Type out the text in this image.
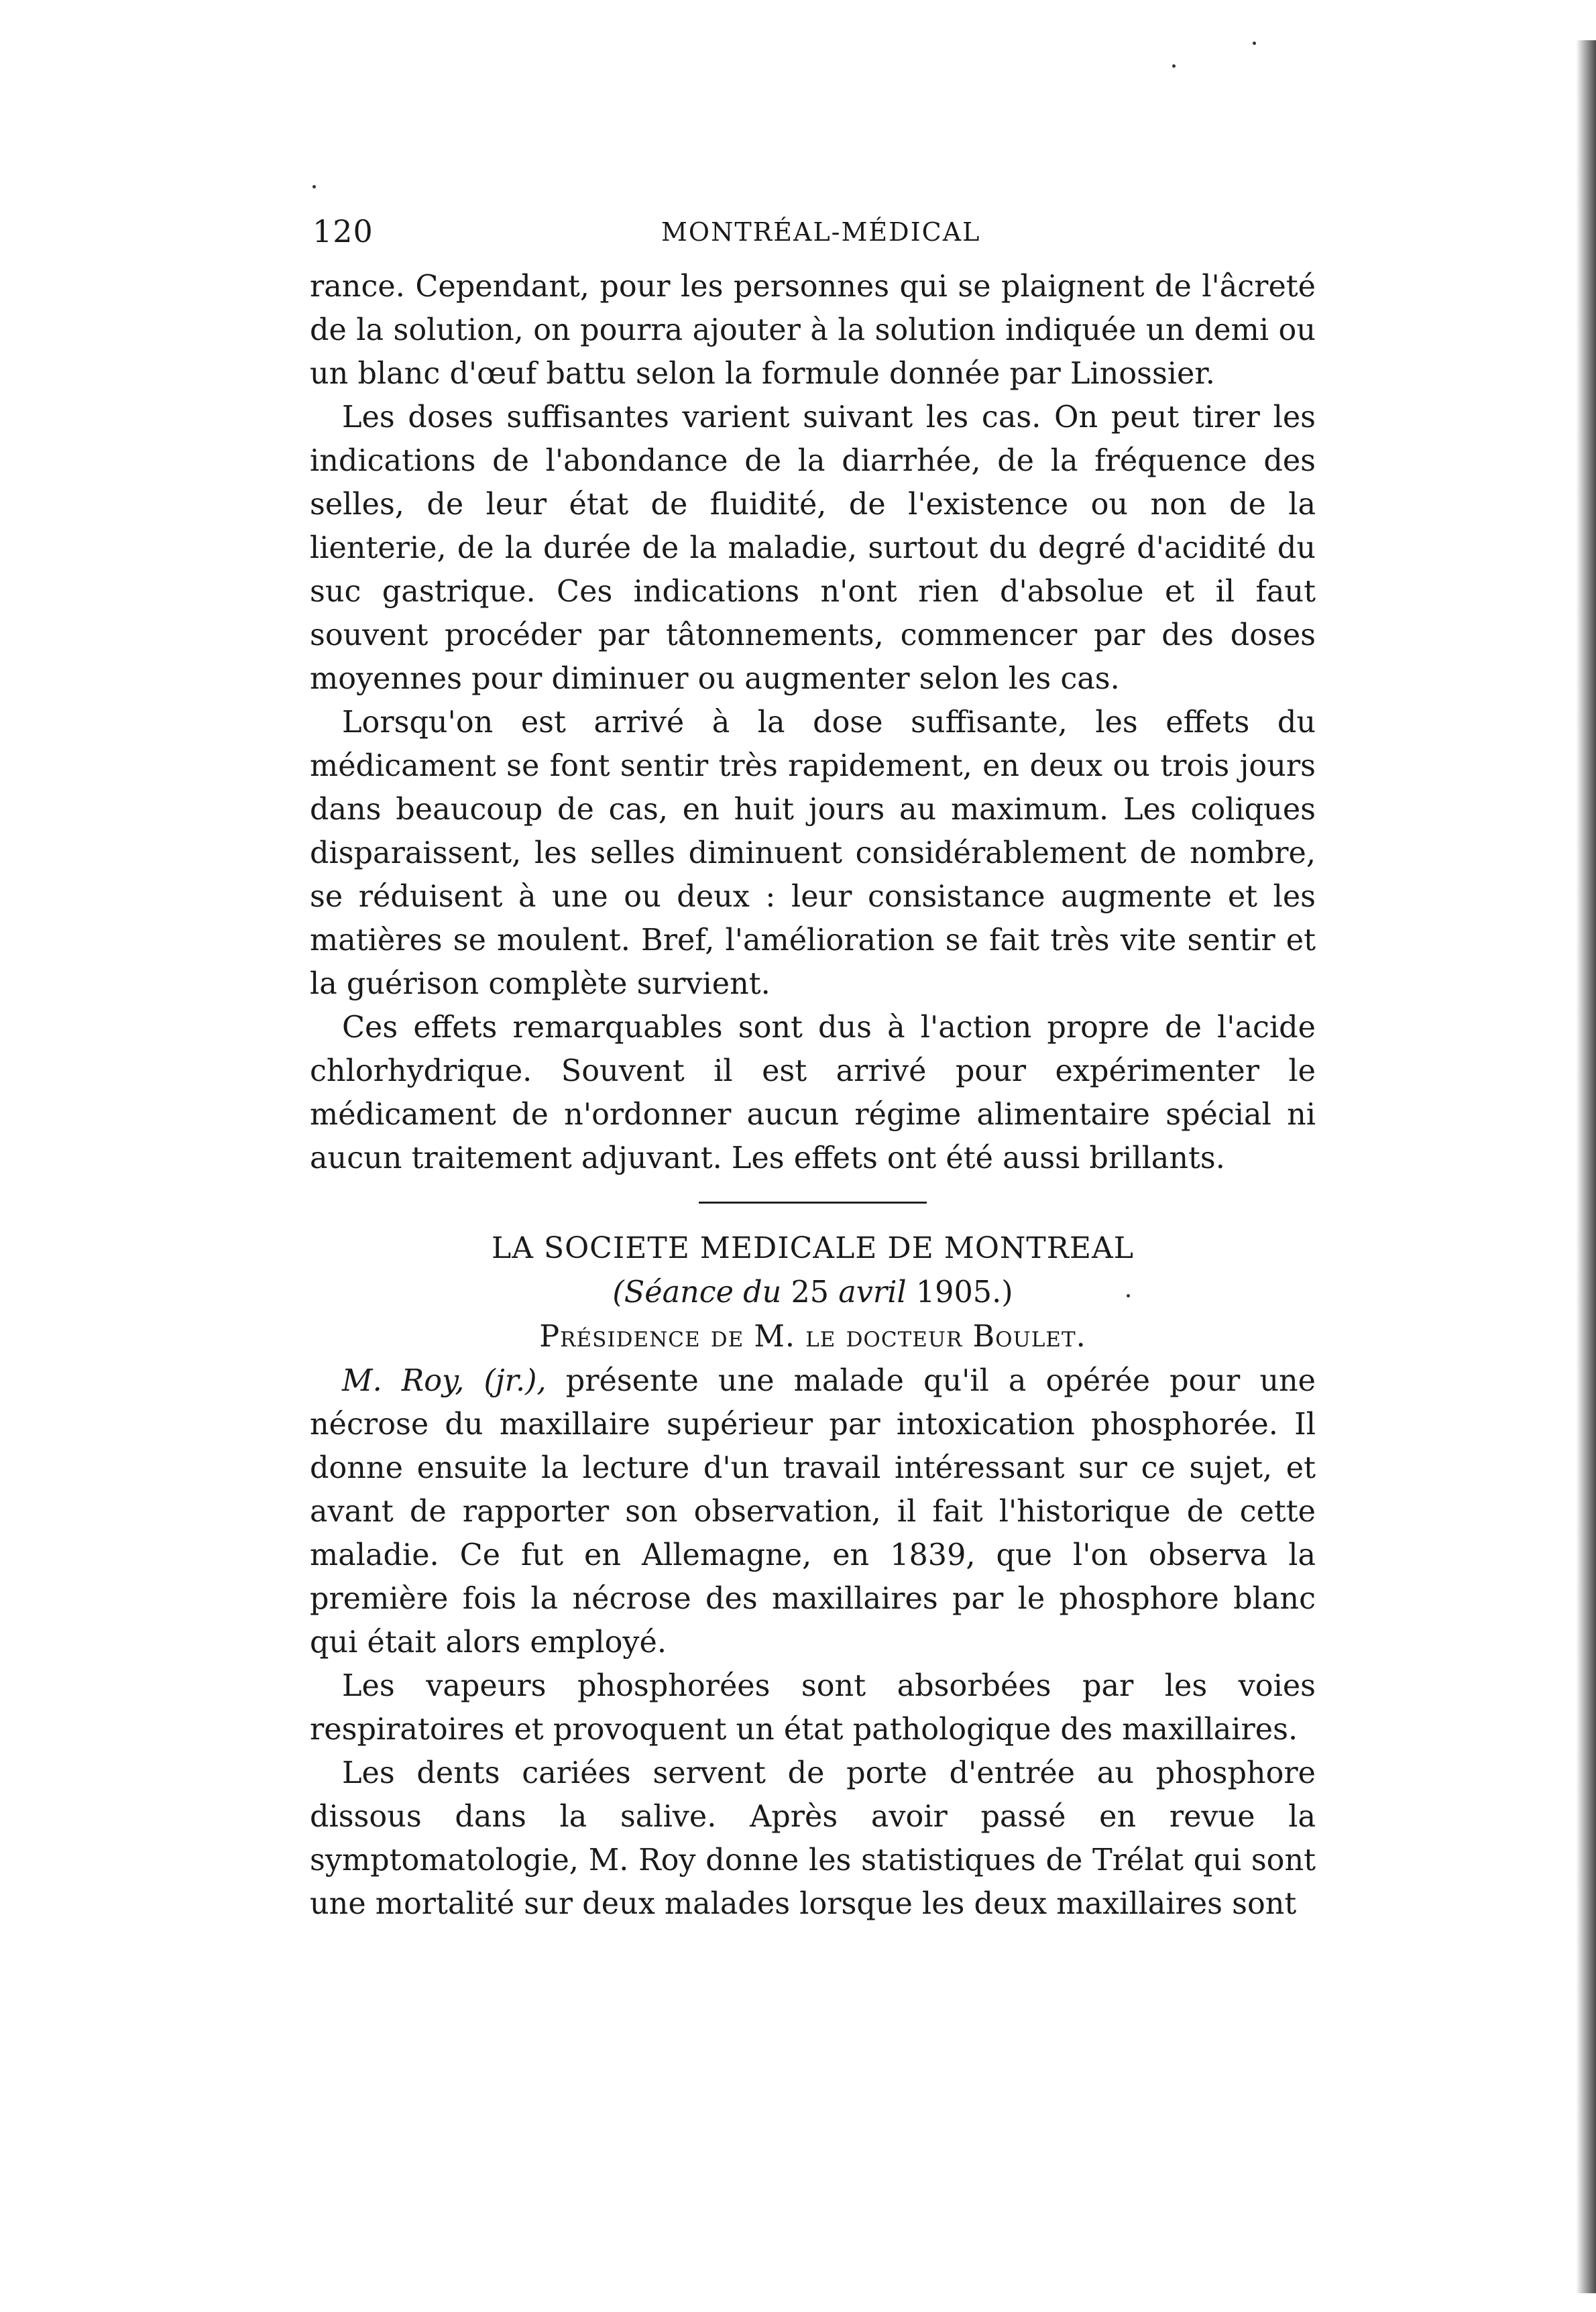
120	MONTRÉAL-MÉDICAL

rance. Cependant, pour les personnes qui se plaignent de l'âcreté de la solution, on pourra ajouter à la solution indiquée un demi ou un blanc d'œuf battu selon la formule donnée par Linossier.

Les doses suffisantes varient suivant les cas. On peut tirer les indications de l'abondance de la diarrhée, de la fréquence des selles, de leur état de fluidité, de l'existence ou non de la lienterie, de la durée de la maladie, surtout du degré d'acidité du suc gastrique. Ces indications n'ont rien d'absolue et il faut souvent procéder par tâtonnements, commencer par des doses moyennes pour diminuer ou augmenter selon les cas.

Lorsqu'on est arrivé à la dose suffisante, les effets du médicament se font sentir très rapidement, en deux ou trois jours dans beaucoup de cas, en huit jours au maximum. Les coliques disparaissent, les selles diminuent considérablement de nombre, se réduisent à une ou deux : leur consistance augmente et les matières se moulent. Bref, l'amélioration se fait très vite sentir et la guérison complète survient.

Ces effets remarquables sont dus à l'action propre de l'acide chlorhydrique. Souvent il est arrivé pour expérimenter le médicament de n'ordonner aucun régime alimentaire spécial ni aucun traitement adjuvant. Les effets ont été aussi brillants.

LA SOCIETE MEDICALE DE MONTREAL
(Séance du 25 avril 1905.)
Présidence de M. le docteur Boulet.

M. Roy, (jr.), présente une malade qu'il a opérée pour une nécrose du maxillaire supérieur par intoxication phosphorée. Il donne ensuite la lecture d'un travail intéressant sur ce sujet, et avant de rapporter son observation, il fait l'historique de cette maladie. Ce fut en Allemagne, en 1839, que l'on observa la première fois la nécrose des maxillaires par le phosphore blanc qui était alors employé.

Les vapeurs phosphorées sont absorbées par les voies respiratoires et provoquent un état pathologique des maxillaires.

Les dents cariées servent de porte d'entrée au phosphore dissous dans la salive. Après avoir passé en revue la symptomatologie, M. Roy donne les statistiques de Trélat qui sont une mortalité sur deux malades lorsque les deux maxillaires sont
